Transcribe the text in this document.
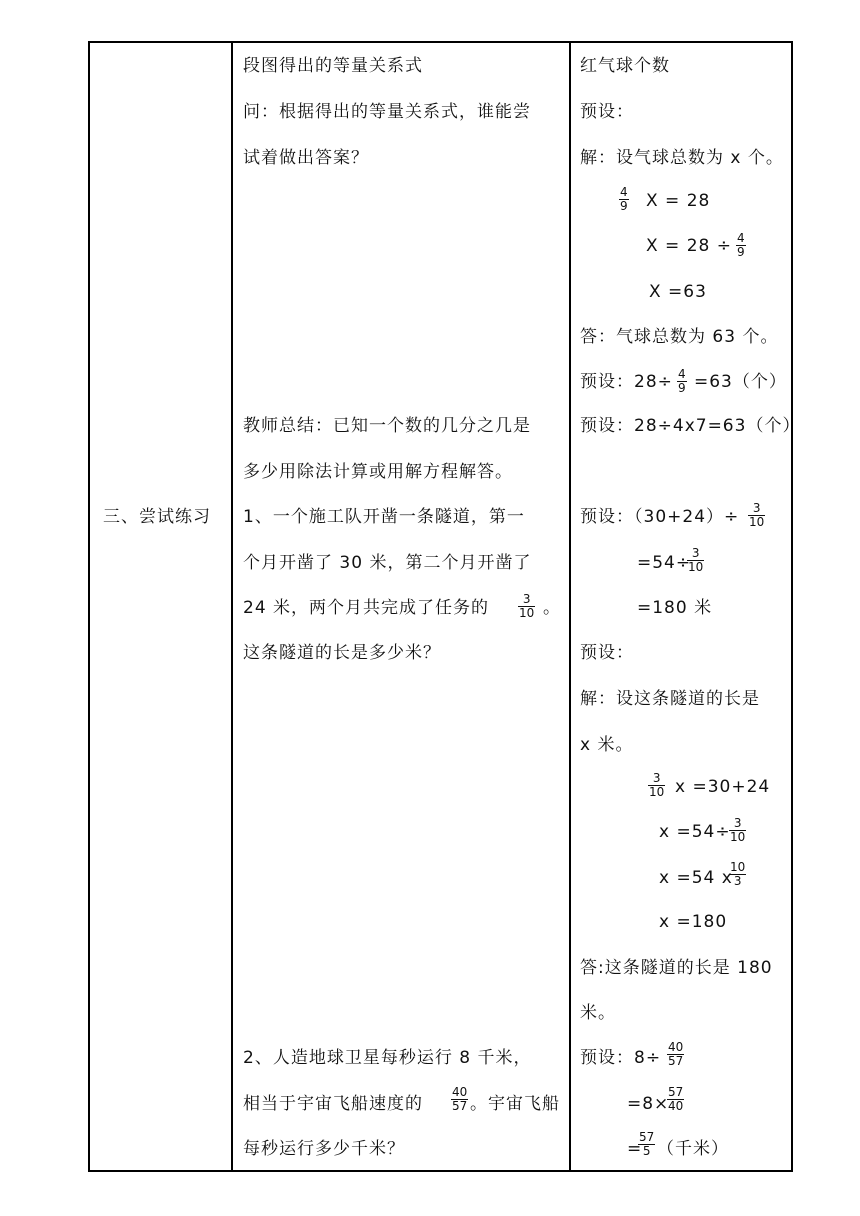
三、尝试练习
段图得出的等量关系式
问：根据得出的等量关系式，谁能尝
试着做出答案？
教师总结：已知一个数的几分之几是
多少用除法计算或用解方程解答。
1、一个施工队开凿一条隧道，第一
个月开凿了 30 米，第二个月开凿了
24 米，两个月共完成了任务的 $\frac{3}{10}$ 。
这条隧道的长是多少米？
2、人造地球卫星每秒运行 8 千米，
相当于宇宙飞船速度的 $\frac{40}{57}$ 。宇宙飞船
每秒运行多少千米？
红气球个数
预设：
解：设气球总数为 x 个。
$\frac{4}{9}$ X = 28
$X = 28 \div \frac{4}{9}$
X =63
答：气球总数为 63 个。
预设：$28\div \frac{4}{9} =63$（个）
预设：28÷4x7=63（个）
预设：$(30+24)\div \frac{3}{10}$
=54÷
$\frac{3}{10}$
=180 米
预设：
解：设这条隧道的长是
x 米。
$\frac{3}{10}$ x =30+24
x =54÷
$\frac{3}{10}$
x =54 x
$\frac{10}{3}$
x =180
答:这条隧道的长是 180
米。
预设：$8\div \frac{40}{57}$
=8×
$\frac{57}{40}$
=
$\frac{57}{5}$ （千米）
